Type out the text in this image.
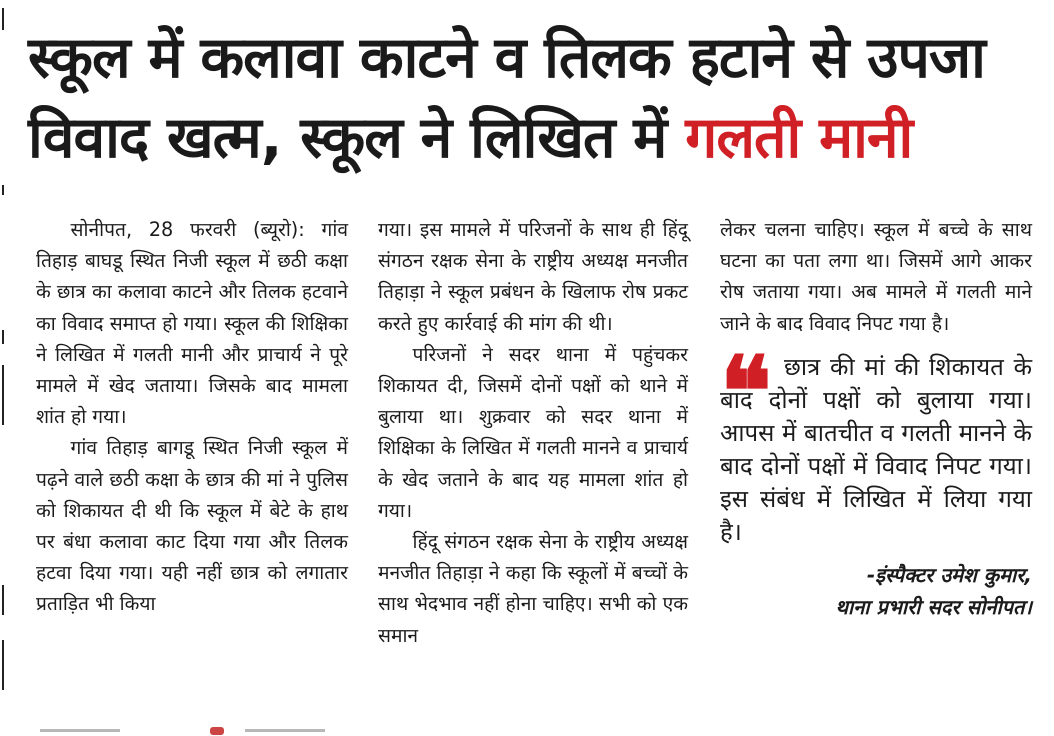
स्कूल में कलावा काटने व तिलक हटाने से उपजा
विवाद खत्म, स्कूल ने लिखित में गलती मानी

सोनीपत, 28 फरवरी (ब्यूरो): गांव तिहाड़ बाघडू स्थित निजी स्कूल में छठी कक्षा के छात्र का कलावा काटने और तिलक हटवाने का विवाद समाप्त हो गया। स्कूल की शिक्षिका ने लिखित में गलती मानी और प्राचार्य ने पूरे मामले में खेद जताया। जिसके बाद मामला शांत हो गया।

गांव तिहाड़ बागडू स्थित निजी स्कूल में पढ़ने वाले छठी कक्षा के छात्र की मां ने पुलिस को शिकायत दी थी कि स्कूल में बेटे के हाथ पर बंधा कलावा काट दिया गया और तिलक हटवा दिया गया। यही नहीं छात्र को लगातार प्रताड़ित भी किया

गया। इस मामले में परिजनों के साथ ही हिंदू संगठन रक्षक सेना के राष्ट्रीय अध्यक्ष मनजीत तिहाड़ा ने स्कूल प्रबंधन के खिलाफ रोष प्रकट करते हुए कार्रवाई की मांग की थी।

परिजनों ने सदर थाना में पहुंचकर शिकायत दी, जिसमें दोनों पक्षों को थाने में बुलाया था। शुक्रवार को सदर थाना में शिक्षिका के लिखित में गलती मानने व प्राचार्य के खेद जताने के बाद यह मामला शांत हो गया।

हिंदू संगठन रक्षक सेना के राष्ट्रीय अध्यक्ष मनजीत तिहाड़ा ने कहा कि स्कूलों में बच्चों के साथ भेदभाव नहीं होना चाहिए। सभी को एक समान

लेकर चलना चाहिए। स्कूल में बच्चे के साथ घटना का पता लगा था। जिसमें आगे आकर रोष जताया गया। अब मामले में गलती माने जाने के बाद विवाद निपट गया है।

❝ छात्र की मां की शिकायत के बाद दोनों पक्षों को बुलाया गया। आपस में बातचीत व गलती मानने के बाद दोनों पक्षों में विवाद निपट गया। इस संबंध में लिखित में लिया गया है।
-इंस्पैक्टर उमेश कुमार,
थाना प्रभारी सदर सोनीपत।
